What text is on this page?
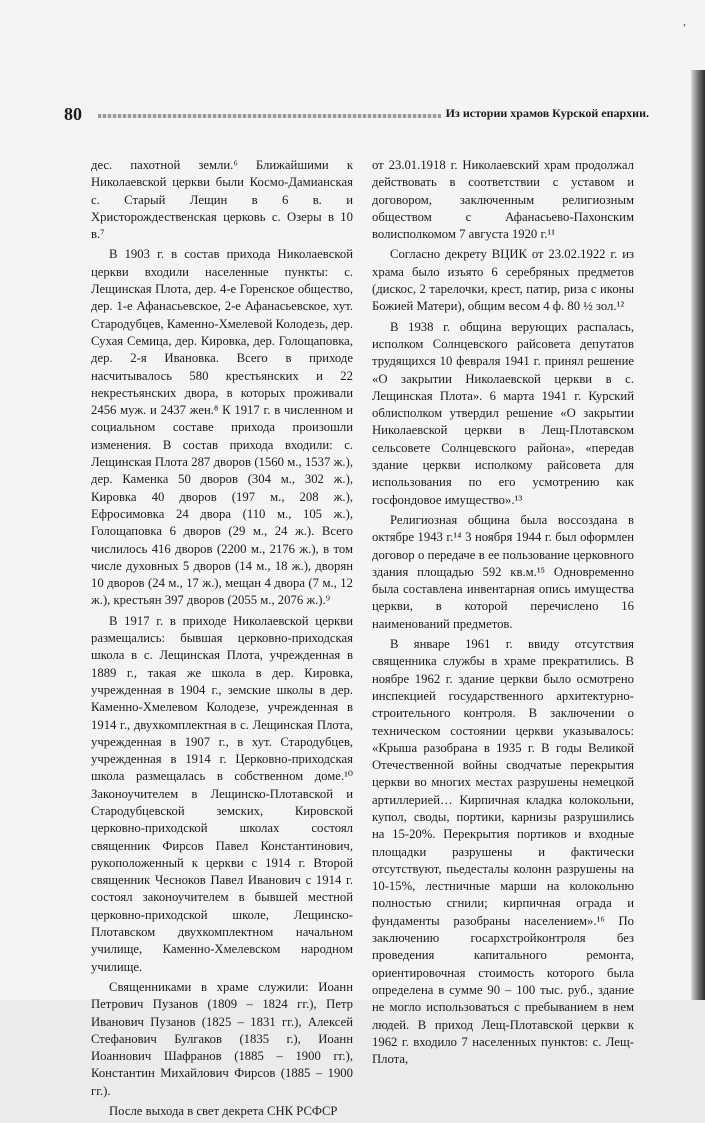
,
80	Из истории храмов Курской епархии.

дес. пахотной земли.⁶ Ближайшими к Николаевской церкви были Космо-Дамианская с. Старый Лещин в 6 в. и Христорождественская церковь с. Озеры в 10 в.⁷

В 1903 г. в состав прихода Николаевской церкви входили населенные пункты: с. Лещинская Плота, дер. 4-е Горенское общество, дер. 1-е Афанасьевское, 2-е Афанасьевское, хут. Стародубцев, Каменно-Хмелевой Колодезь, дер. Сухая Семица, дер. Кировка, дер. Голощаповка, дер. 2-я Ивановка. Всего в приходе насчитывалось 580 крестьянских и 22 некрестьянских двора, в которых проживали 2456 муж. и 2437 жен.⁸ К 1917 г. в численном и социальном составе прихода произошли изменения. В состав прихода входили: с. Лещинская Плота 287 дворов (1560 м., 1537 ж.), дер. Каменка 50 дворов (304 м., 302 ж.), Кировка 40 дворов (197 м., 208 ж.), Ефросимовка 24 двора (110 м., 105 ж.), Голощаповка 6 дворов (29 м., 24 ж.). Всего числилось 416 дворов (2200 м., 2176 ж.), в том числе духовных 5 дворов (14 м., 18 ж.), дворян 10 дворов (24 м., 17 ж.), мещан 4 двора (7 м., 12 ж.), крестьян 397 дворов (2055 м., 2076 ж.).⁹

В 1917 г. в приходе Николаевской церкви размещались: бывшая церковно-приходская школа в с. Лещинская Плота, учрежденная в 1889 г., такая же школа в дер. Кировка, учрежденная в 1904 г., земские школы в дер. Каменно-Хмелевом Колодезе, учрежденная в 1914 г., двухкомплектная в с. Лещинская Плота, учрежденная в 1907 г., в хут. Стародубцев, учрежденная в 1914 г. Церковно-приходская школа размещалась в собственном доме.¹⁰ Законоучителем в Лещинско-Плотавской и Стародубцевской земских, Кировской церковно-приходской школах состоял священник Фирсов Павел Константинович, рукоположенный к церкви с 1914 г. Второй священник Чесноков Павел Иванович с 1914 г. состоял законоучителем в бывшей местной церковно-приходской школе, Лещинско-Плотавском двухкомплектном начальном училище, Каменно-Хмелевском народном училище.

Священниками в храме служили: Иоанн Петрович Пузанов (1809 – 1824 гг.), Петр Иванович Пузанов (1825 – 1831 гг.), Алексей Стефанович Булгаков (1835 г.), Иоанн Иоаннович Шафранов (1885 – 1900 гг.), Константин Михайлович Фирсов (1885 – 1900 гг.).

После выхода в свет декрета СНК РСФСР

от 23.01.1918 г. Николаевский храм продолжал действовать в соответствии с уставом и договором, заключенным религиозным обществом с Афанасьево-Пахонским волисполкомом 7 августа 1920 г.¹¹

Согласно декрету ВЦИК от 23.02.1922 г. из храма было изъято 6 серебряных предметов (дискос, 2 тарелочки, крест, патир, риза с иконы Божией Матери), общим весом 4 ф. 80 ½ зол.¹²

В 1938 г. община верующих распалась, исполком Солнцевского райсовета депутатов трудящихся 10 февраля 1941 г. принял решение «О закрытии Николаевской церкви в с. Лещинская Плота». 6 марта 1941 г. Курский облисполком утвердил решение «О закрытии Николаевской церкви в Лещ-Плотавском сельсовете Солнцевского района», «передав здание церкви исполкому райсовета для использования по его усмотрению как госфондовое имущество».¹³

Религиозная община была воссоздана в октябре 1943 г.¹⁴ 3 ноября 1944 г. был оформлен договор о передаче в ее пользование церковного здания площадью 592 кв.м.¹⁵ Одновременно была составлена инвентарная опись имущества церкви, в которой перечислено 16 наименований предметов.

В январе 1961 г. ввиду отсутствия священника службы в храме прекратились. В ноябре 1962 г. здание церкви было осмотрено инспекцией государственного архитектурно-строительного контроля. В заключении о техническом состоянии церкви указывалось: «Крыша разобрана в 1935 г. В годы Великой Отечественной войны сводчатые перекрытия церкви во многих местах разрушены немецкой артиллерией… Кирпичная кладка колокольни, купол, своды, портики, карнизы разрушились на 15-20%. Перекрытия портиков и входные площадки разрушены и фактически отсутствуют, пьедесталы колонн разрушены на 10-15%, лестничные марши на колокольню полностью сгнили; кирпичная ограда и фундаменты разобраны населением».¹⁶ По заключению госархстройконтроля без проведения капитального ремонта, ориентировочная стоимость которого была определена в сумме 90 – 100 тыс. руб., здание не могло использоваться с пребыванием в нем людей. В приход Лещ-Плотавской церкви к 1962 г. входило 7 населенных пунктов: с. Лещ-Плота,
